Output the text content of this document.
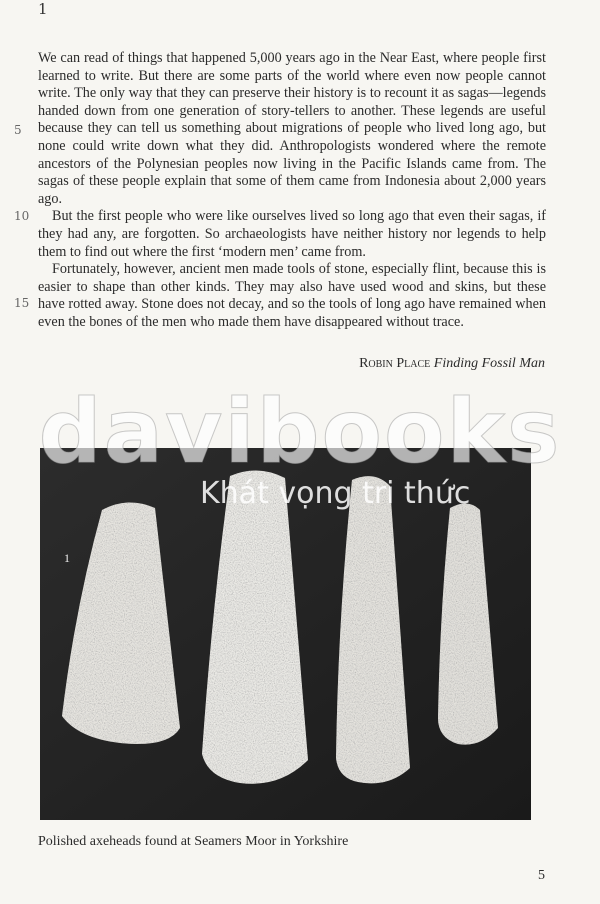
1
5
10
15

We can read of things that happened 5,000 years ago in the Near East, where people first learned to write. But there are some parts of the world where even now people cannot write. The only way that they can preserve their history is to recount it as sagas—legends handed down from one generation of story-tellers to another. These legends are useful because they can tell us something about migrations of people who lived long ago, but none could write down what they did. Anthropologists wondered where the remote ancestors of the Polynesian peoples now living in the Pacific Islands came from. The sagas of these people explain that some of them came from Indonesia about 2,000 years ago.

But the first people who were like ourselves lived so long ago that even their sagas, if they had any, are forgotten. So archaeologists have neither history nor legends to help them to find out where the first ‘modern men’ came from.

Fortunately, however, ancient men made tools of stone, especially flint, because this is easier to shape than other kinds. They may also have used wood and skins, but these have rotted away. Stone does not decay, and so the tools of long ago have remained when even the bones of the men who made them have disappeared without trace.

Robin Place Finding Fossil Man
1
davibooks
Khát vọng tri thức
Polished axeheads found at Seamers Moor in Yorkshire
5
